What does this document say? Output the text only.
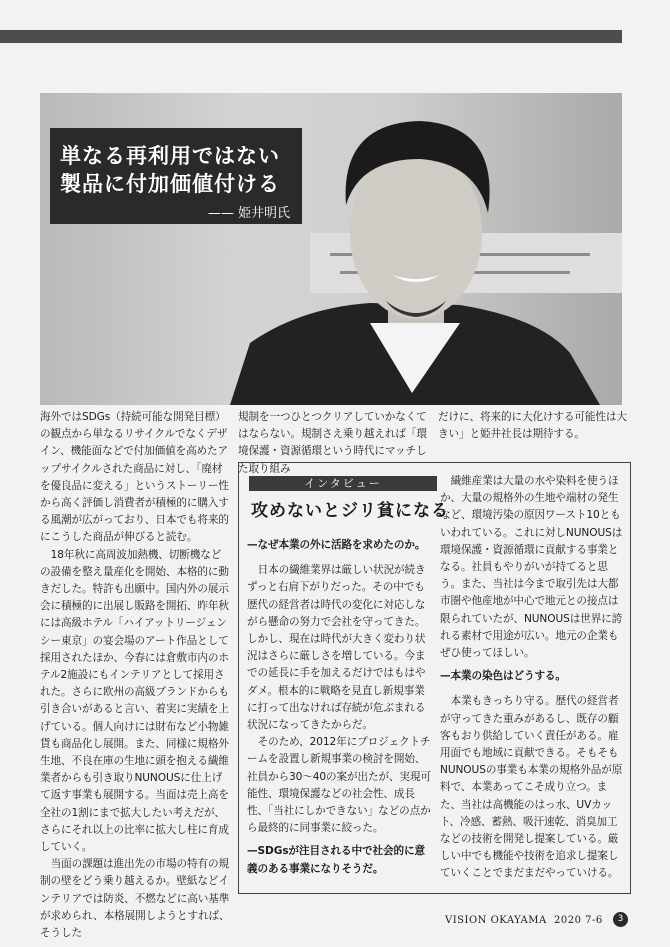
単なる再利用ではない
製品に付加価値付ける
—— 姫井明氏

海外ではSDGs（持続可能な開発目標）の観点から単なるリサイクルでなくデザイン、機能面などで付加価値を高めたアップサイクルされた商品に対し、「廃材を優良品に変える」というストーリー性から高く評価し消費者が積極的に購入する風潮が広がっており、日本でも将来的にこうした商品が伸びると読む。

18年秋に高周波加熱機、切断機などの設備を整え量産化を開始、本格的に動きだした。特許も出願中。国内外の展示会に積極的に出展し販路を開拓、昨年秋には高級ホテル「ハイアットリージェンシー東京」の宴会場のアート作品として採用されたほか、今春には倉敷市内のホテル2施設にもインテリアとして採用された。さらに欧州の高級ブランドからも引き合いがあると言い、着実に実績を上げている。個人向けには財布など小物雑貨も商品化し展開。また、同様に規格外生地、不良在庫の生地に頭を抱える繊維業者からも引き取りNUNOUSに仕上げて返す事業も展開する。当面は売上高を全社の1割にまで拡大したい考えだが、さらにそれ以上の比率に拡大し柱に育成していく。

当面の課題は進出先の市場の特有の規制の壁をどう乗り越えるか。壁紙などインテリアでは防炎、不燃などに高い基準が求められ、本格展開しようとすれば、そうした

規制を一つひとつクリアしていかなくてはならない。規制さえ乗り越えれば「環境保護・資源循環という時代にマッチした取り組み

だけに、将来的に大化けする可能性は大きい」と姫井社長は期待する。

インタビュー
攻めないとジリ貧になる

—なぜ本業の外に活路を求めたのか。

日本の繊維業界は厳しい状況が続きずっと右肩下がりだった。その中でも歴代の経営者は時代の変化に対応しながら懸命の努力で会社を守ってきた。しかし、現在は時代が大きく変わり状況はさらに厳しさを増している。今までの延長に手を加えるだけではもはやダメ。根本的に戦略を見直し新規事業に打って出なければ存続が危ぶまれる状況になってきたからだ。

そのため、2012年にプロジェクトチームを設置し新規事業の検討を開始、社員から30～40の案が出たが、実現可能性、環境保護などの社会性、成長性、「当社にしかできない」などの点から最終的に同事業に絞った。

—SDGsが注目される中で社会的に意義のある事業になりそうだ。

繊維産業は大量の水や染料を使うほか、大量の規格外の生地や端材の発生など、環境汚染の原因ワースト10ともいわれている。これに対しNUNOUSは環境保護・資源循環に貢献する事業となる。社員もやりがいが持てると思う。また、当社は今まで取引先は大都市圏や他産地が中心で地元との接点は限られていたが、NUNOUSは世界に誇れる素材で用途が広い。地元の企業もぜひ使ってほしい。

—本業の染色はどうする。

本業もきっちり守る。歴代の経営者が守ってきた重みがあるし、既存の顧客もおり供給していく責任がある。雇用面でも地域に貢献できる。そもそもNUNOUSの事業も本業の規格外品が原料で、本業あってこそ成り立つ。また、当社は高機能のはっ水、UVカット、冷感、蓄熱、吸汗速乾、消臭加工などの技術を開発し提案している。厳しい中でも機能や技術を追求し提案していくことでまだまだやっていける。

VISION OKAYAMA 2020 7-6	3
